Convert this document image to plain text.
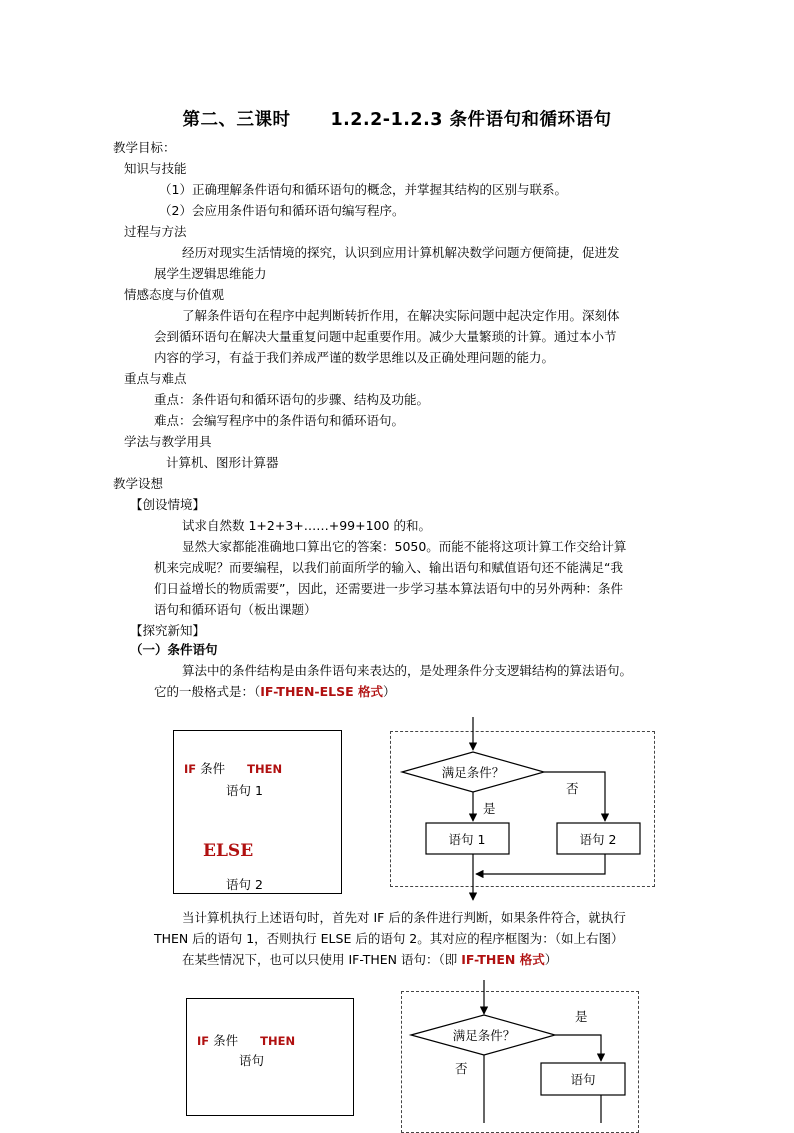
第二、三课时 1.2.2-1.2.3 条件语句和循环语句
教学目标：
知识与技能
（1）正确理解条件语句和循环语句的概念，并掌握其结构的区别与联系。
（2）会应用条件语句和循环语句编写程序。
过程与方法
经历对现实生活情境的探究，认识到应用计算机解决数学问题方便简捷，促进发
展学生逻辑思维能力
情感态度与价值观
了解条件语句在程序中起判断转折作用，在解决实际问题中起决定作用。深刻体
会到循环语句在解决大量重复问题中起重要作用。减少大量繁琐的计算。通过本小节
内容的学习，有益于我们养成严谨的数学思维以及正确处理问题的能力。
重点与难点
重点：条件语句和循环语句的步骤、结构及功能。
难点：会编写程序中的条件语句和循环语句。
学法与教学用具
计算机、图形计算器
教学设想
【创设情境】
试求自然数 1+2+3+……+99+100 的和。
显然大家都能准确地口算出它的答案：5050。而能不能将这项计算工作交给计算
机来完成呢？而要编程，以我们前面所学的输入、输出语句和赋值语句还不能满足“我
们日益增长的物质需要”，因此，还需要进一步学习基本算法语句中的另外两种：条件
语句和循环语句（板出课题）
【探究新知】
（一）条件语句
算法中的条件结构是由条件语句来表达的，是处理条件分支逻辑结构的算法语句。
它的一般格式是：（IF-THEN-ELSE 格式）
IF 条件 THEN
语句 1
ELSE
语句 2
满足条件？
是
否
语句 1	语句 2
当计算机执行上述语句时，首先对 IF 后的条件进行判断，如果条件符合，就执行
THEN 后的语句 1，否则执行 ELSE 后的语句 2。其对应的程序框图为：（如上右图）
在某些情况下，也可以只使用 IF-THEN 语句：（即 IF-THEN 格式）
IF 条件 THEN
语句
满足条件？
是
否
语句
